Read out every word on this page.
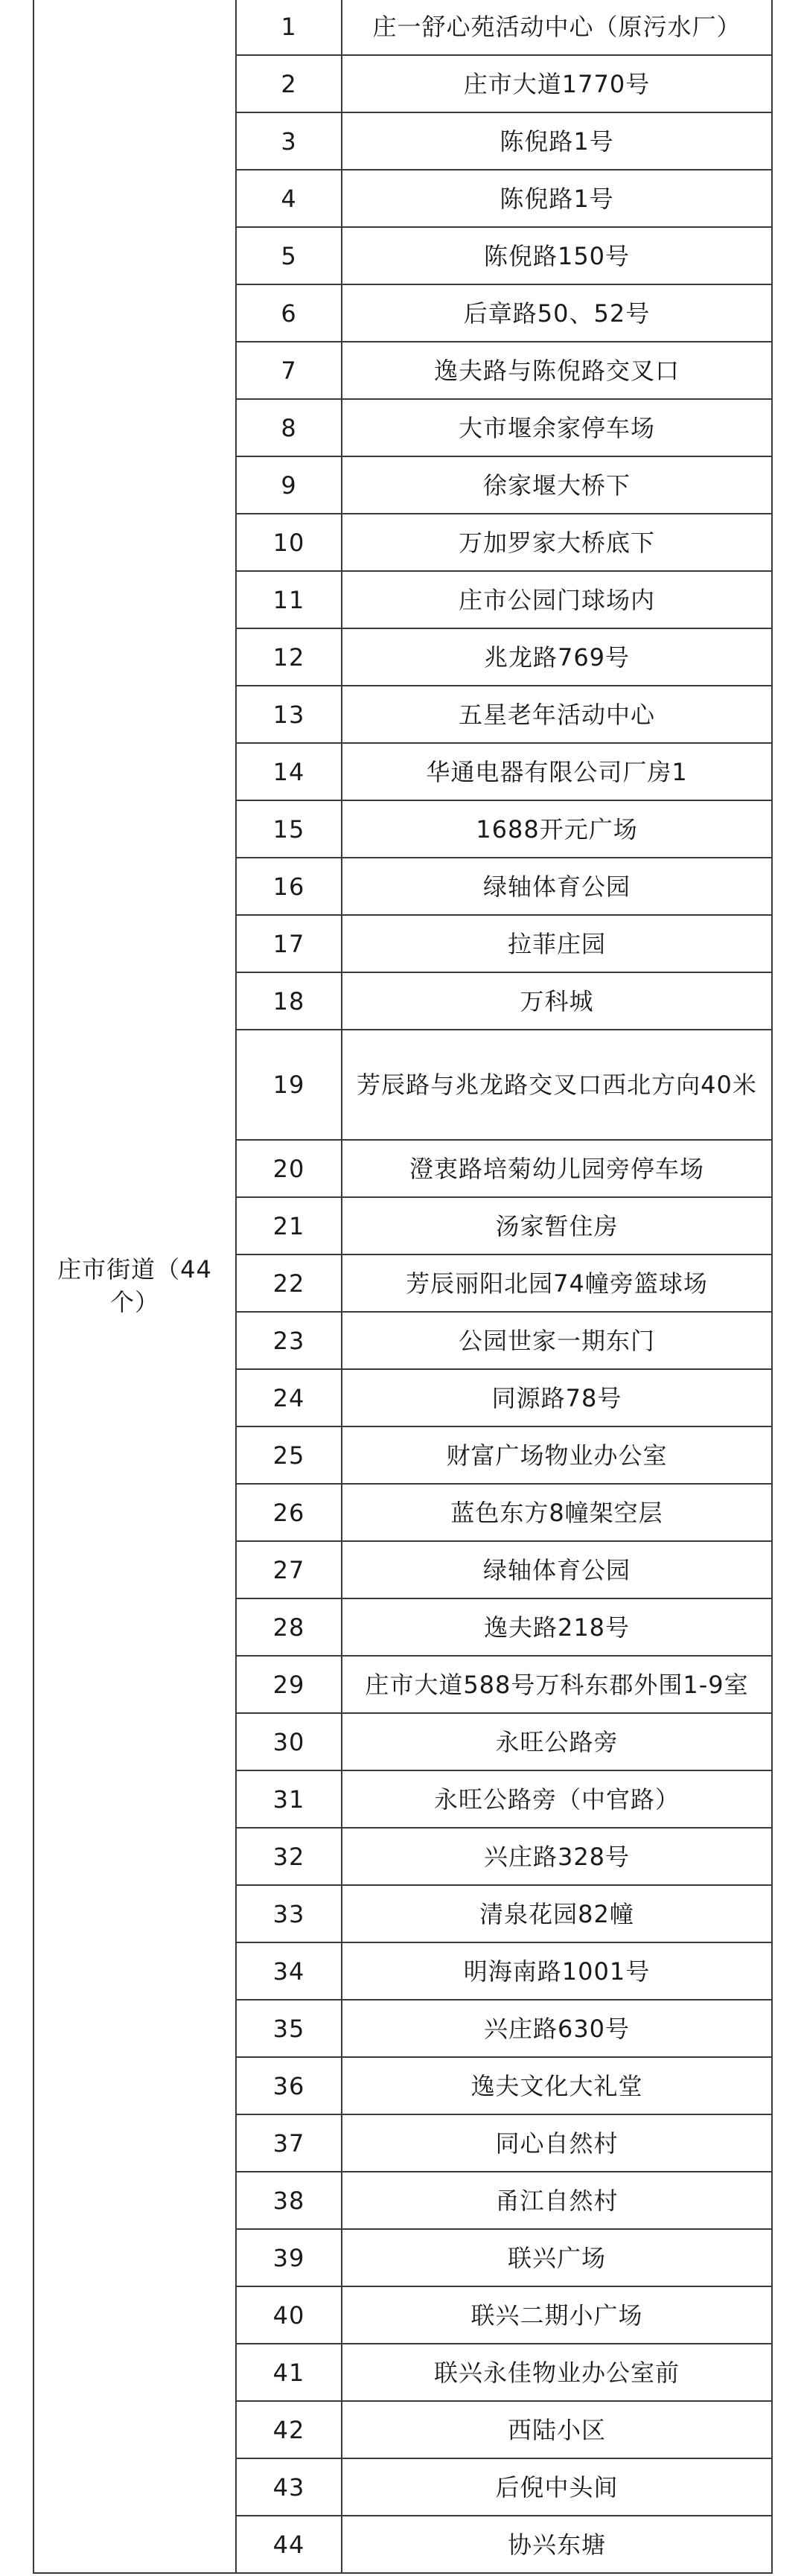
庄市街道（44个）	1	庄一舒心苑活动中心（原污水厂）
	2	庄市大道1770号
	3	陈倪路1号
	4	陈倪路1号
	5	陈倪路150号
	6	后章路50、52号
	7	逸夫路与陈倪路交叉口
	8	大市堰余家停车场
	9	徐家堰大桥下
	10	万加罗家大桥底下
	11	庄市公园门球场内
	12	兆龙路769号
	13	五星老年活动中心
	14	华通电器有限公司厂房1
	15	1688开元广场
	16	绿轴体育公园
	17	拉菲庄园
	18	万科城
	19	芳辰路与兆龙路交叉口西北方向40米
	20	澄衷路培菊幼儿园旁停车场
	21	汤家暂住房
	22	芳辰丽阳北园74幢旁篮球场
	23	公园世家一期东门
	24	同源路78号
	25	财富广场物业办公室
	26	蓝色东方8幢架空层
	27	绿轴体育公园
	28	逸夫路218号
	29	庄市大道588号万科东郡外围1-9室
	30	永旺公路旁
	31	永旺公路旁（中官路）
	32	兴庄路328号
	33	清泉花园82幢
	34	明海南路1001号
	35	兴庄路630号
	36	逸夫文化大礼堂
	37	同心自然村
	38	甬江自然村
	39	联兴广场
	40	联兴二期小广场
	41	联兴永佳物业办公室前
	42	西陆小区
	43	后倪中头间
	44	协兴东塘
